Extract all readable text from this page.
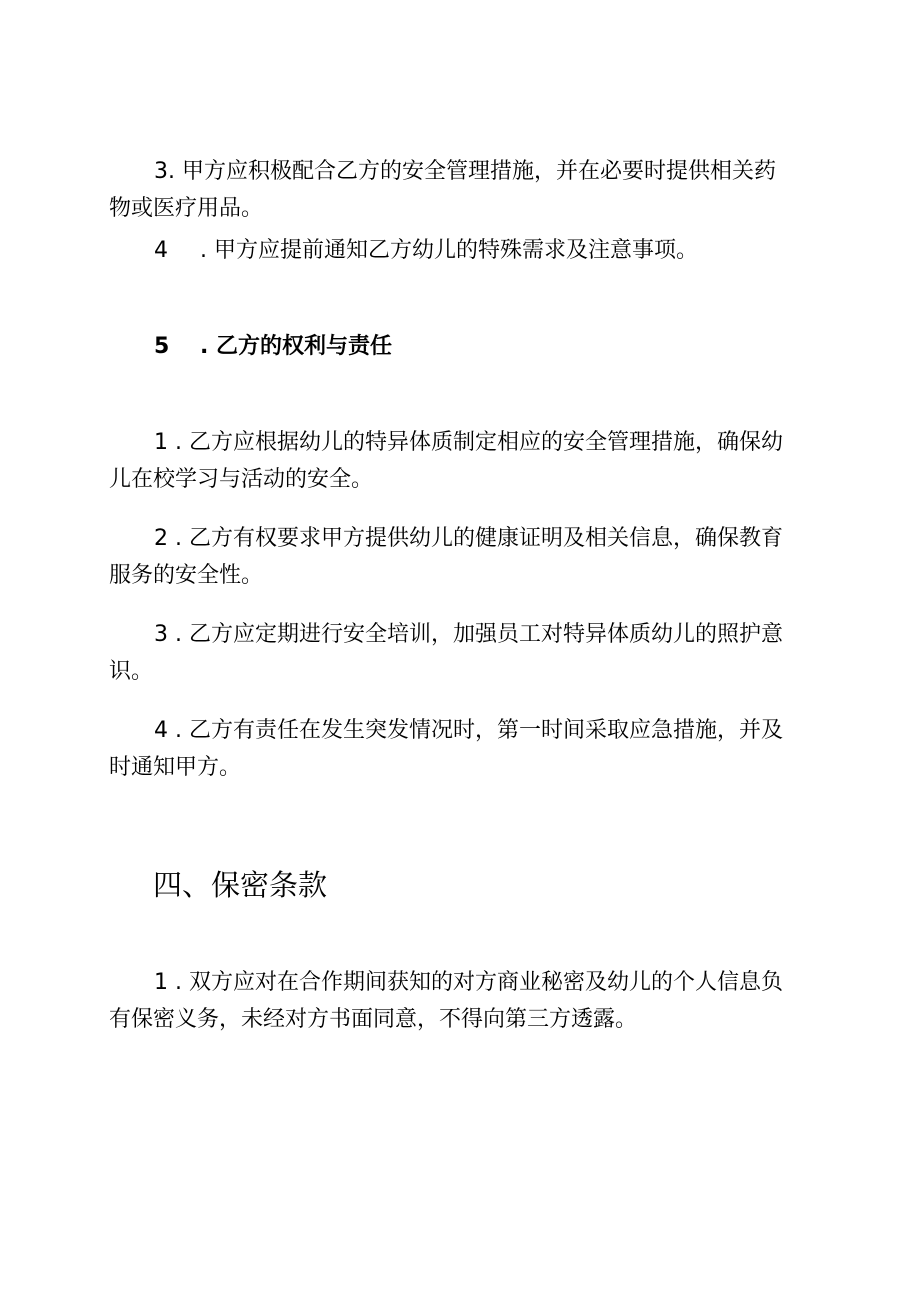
3. 甲方应积极配合乙方的安全管理措施，并在必要时提供相关药
物或医疗用品。

4 . 甲方应提前通知乙方幼儿的特殊需求及注意事项。
5 . 乙方的权利与责任

1 . 乙方应根据幼儿的特异体质制定相应的安全管理措施，确保幼
儿在校学习与活动的安全。

2 . 乙方有权要求甲方提供幼儿的健康证明及相关信息，确保教育
服务的安全性。

3 . 乙方应定期进行安全培训，加强员工对特异体质幼儿的照护意
识。

4 . 乙方有责任在发生突发情况时，第一时间采取应急措施，并及
时通知甲方。

四、保密条款

1 . 双方应对在合作期间获知的对方商业秘密及幼儿的个人信息负
有保密义务，未经对方书面同意，不得向第三方透露。
